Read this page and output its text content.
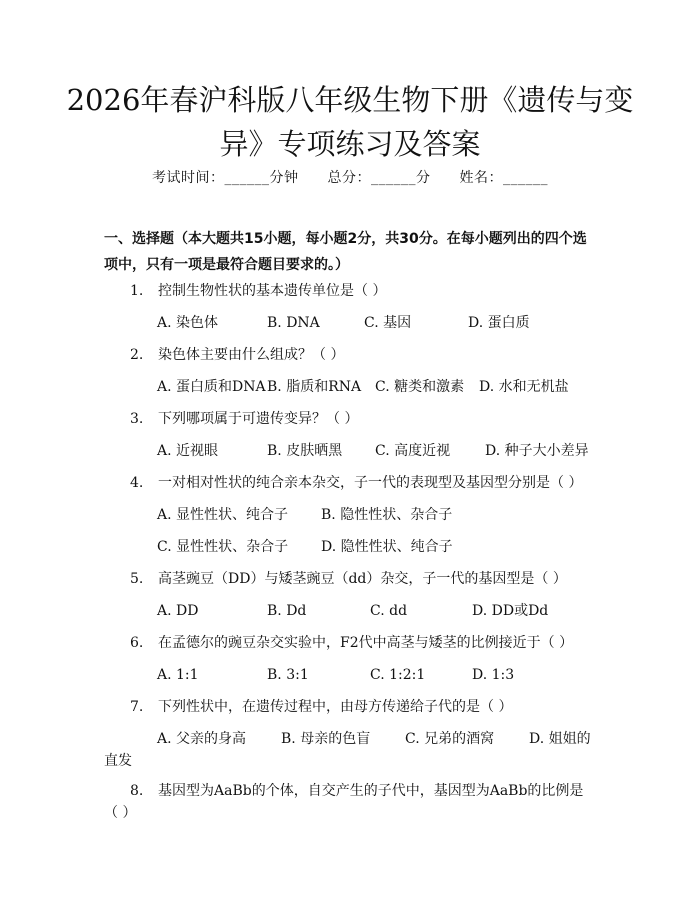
2026年春沪科版八年级生物下册《遗传与变
异》专项练习及答案
考试时间：______分钟 总分：______分 姓名：______
一、选择题（本大题共15小题，每小题2分，共30分。在每小题列出的四个选
项中，只有一项是最符合题目要求的。）
1. 控制生物性状的基本遗传单位是（ ）
A. 染色体	B. DNA	C. 基因	D. 蛋白质
2. 染色体主要由什么组成？（ ）
A. 蛋白质和DNA B. 脂质和RNA C. 糖类和激素	D. 水和无机盐
3. 下列哪项属于可遗传变异？（ ）
A. 近视眼	B. 皮肤晒黑	C. 高度近视	D. 种子大小差异
4. 一对相对性状的纯合亲本杂交，子一代的表现型及基因型分别是（ ）
A. 显性性状、纯合子	B. 隐性性状、杂合子
C. 显性性状、杂合子	D. 隐性性状、纯合子
5. 高茎豌豆（DD）与矮茎豌豆（dd）杂交，子一代的基因型是（ ）
A. DD	B. Dd	C. dd	D. DD或Dd
6. 在孟德尔的豌豆杂交实验中，F2代中高茎与矮茎的比例接近于（ ）
A. 1:1	B. 3:1	C. 1:2:1	D. 1:3
7. 下列性状中，在遗传过程中，由母方传递给子代的是（ ）
A. 父亲的身高	B. 母亲的色盲	C. 兄弟的酒窝	D. 姐姐的
直发
8. 基因型为AaBb的个体，自交产生的子代中，基因型为AaBb的比例是
（ ）
